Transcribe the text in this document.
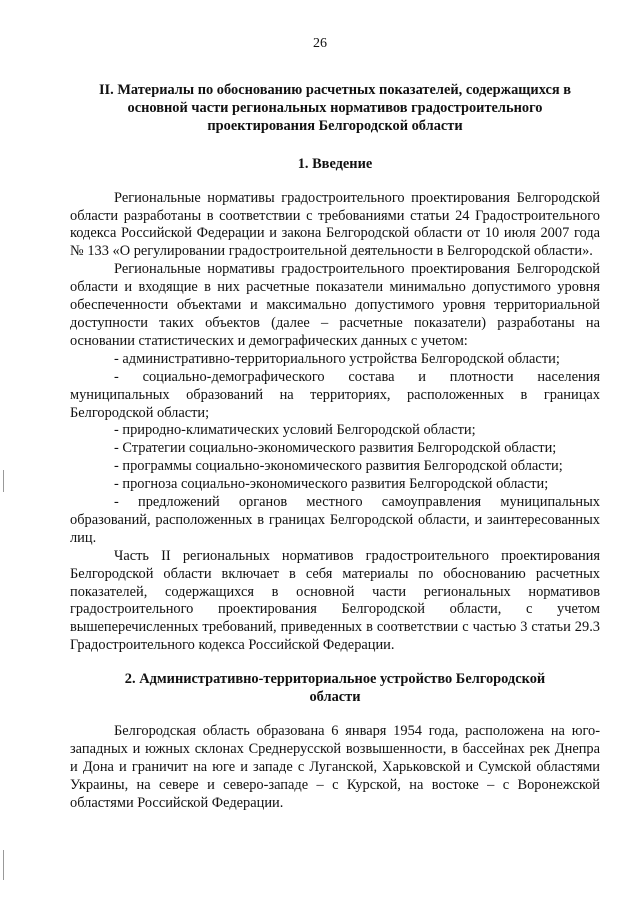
26
II. Материалы по обоснованию расчетных показателей, содержащихся в основной части региональных нормативов градостроительного проектирования Белгородской области
1. Введение

Региональные нормативы градостроительного проектирования Белгородской области разработаны в соответствии с требованиями статьи 24 Градостроительного кодекса Российской Федерации и закона Белгородской области от 10 июля 2007 года № 133 «О регулировании градостроительной деятельности в Белгородской области».

Региональные нормативы градостроительного проектирования Белгородской области и входящие в них расчетные показатели минимально допустимого уровня обеспеченности объектами и максимально допустимого уровня территориальной доступности таких объектов (далее – расчетные показатели) разработаны на основании статистических и демографических данных с учетом:

- административно-территориального устройства Белгородской области;

- социально-демографического состава и плотности населения муниципальных образований на территориях, расположенных в границах Белгородской области;

- природно-климатических условий Белгородской области;

- Стратегии социально-экономического развития Белгородской области;

- программы социально-экономического развития Белгородской области;

- прогноза социально-экономического развития Белгородской области;

- предложений органов местного самоуправления муниципальных образований, расположенных в границах Белгородской области, и заинтересованных лиц.

Часть II региональных нормативов градостроительного проектирования Белгородской области включает в себя материалы по обоснованию расчетных показателей, содержащихся в основной части региональных нормативов градостроительного проектирования Белгородской области, с учетом вышеперечисленных требований, приведенных в соответствии с частью 3 статьи 29.3 Градостроительного кодекса Российской Федерации.

2. Административно-территориальное устройство Белгородской области

Белгородская область образована 6 января 1954 года, расположена на юго-западных и южных склонах Среднерусской возвышенности, в бассейнах рек Днепра и Дона и граничит на юге и западе с Луганской, Харьковской и Сумской областями Украины, на севере и северо-западе – с Курской, на востоке – с Воронежской областями Российской Федерации.
